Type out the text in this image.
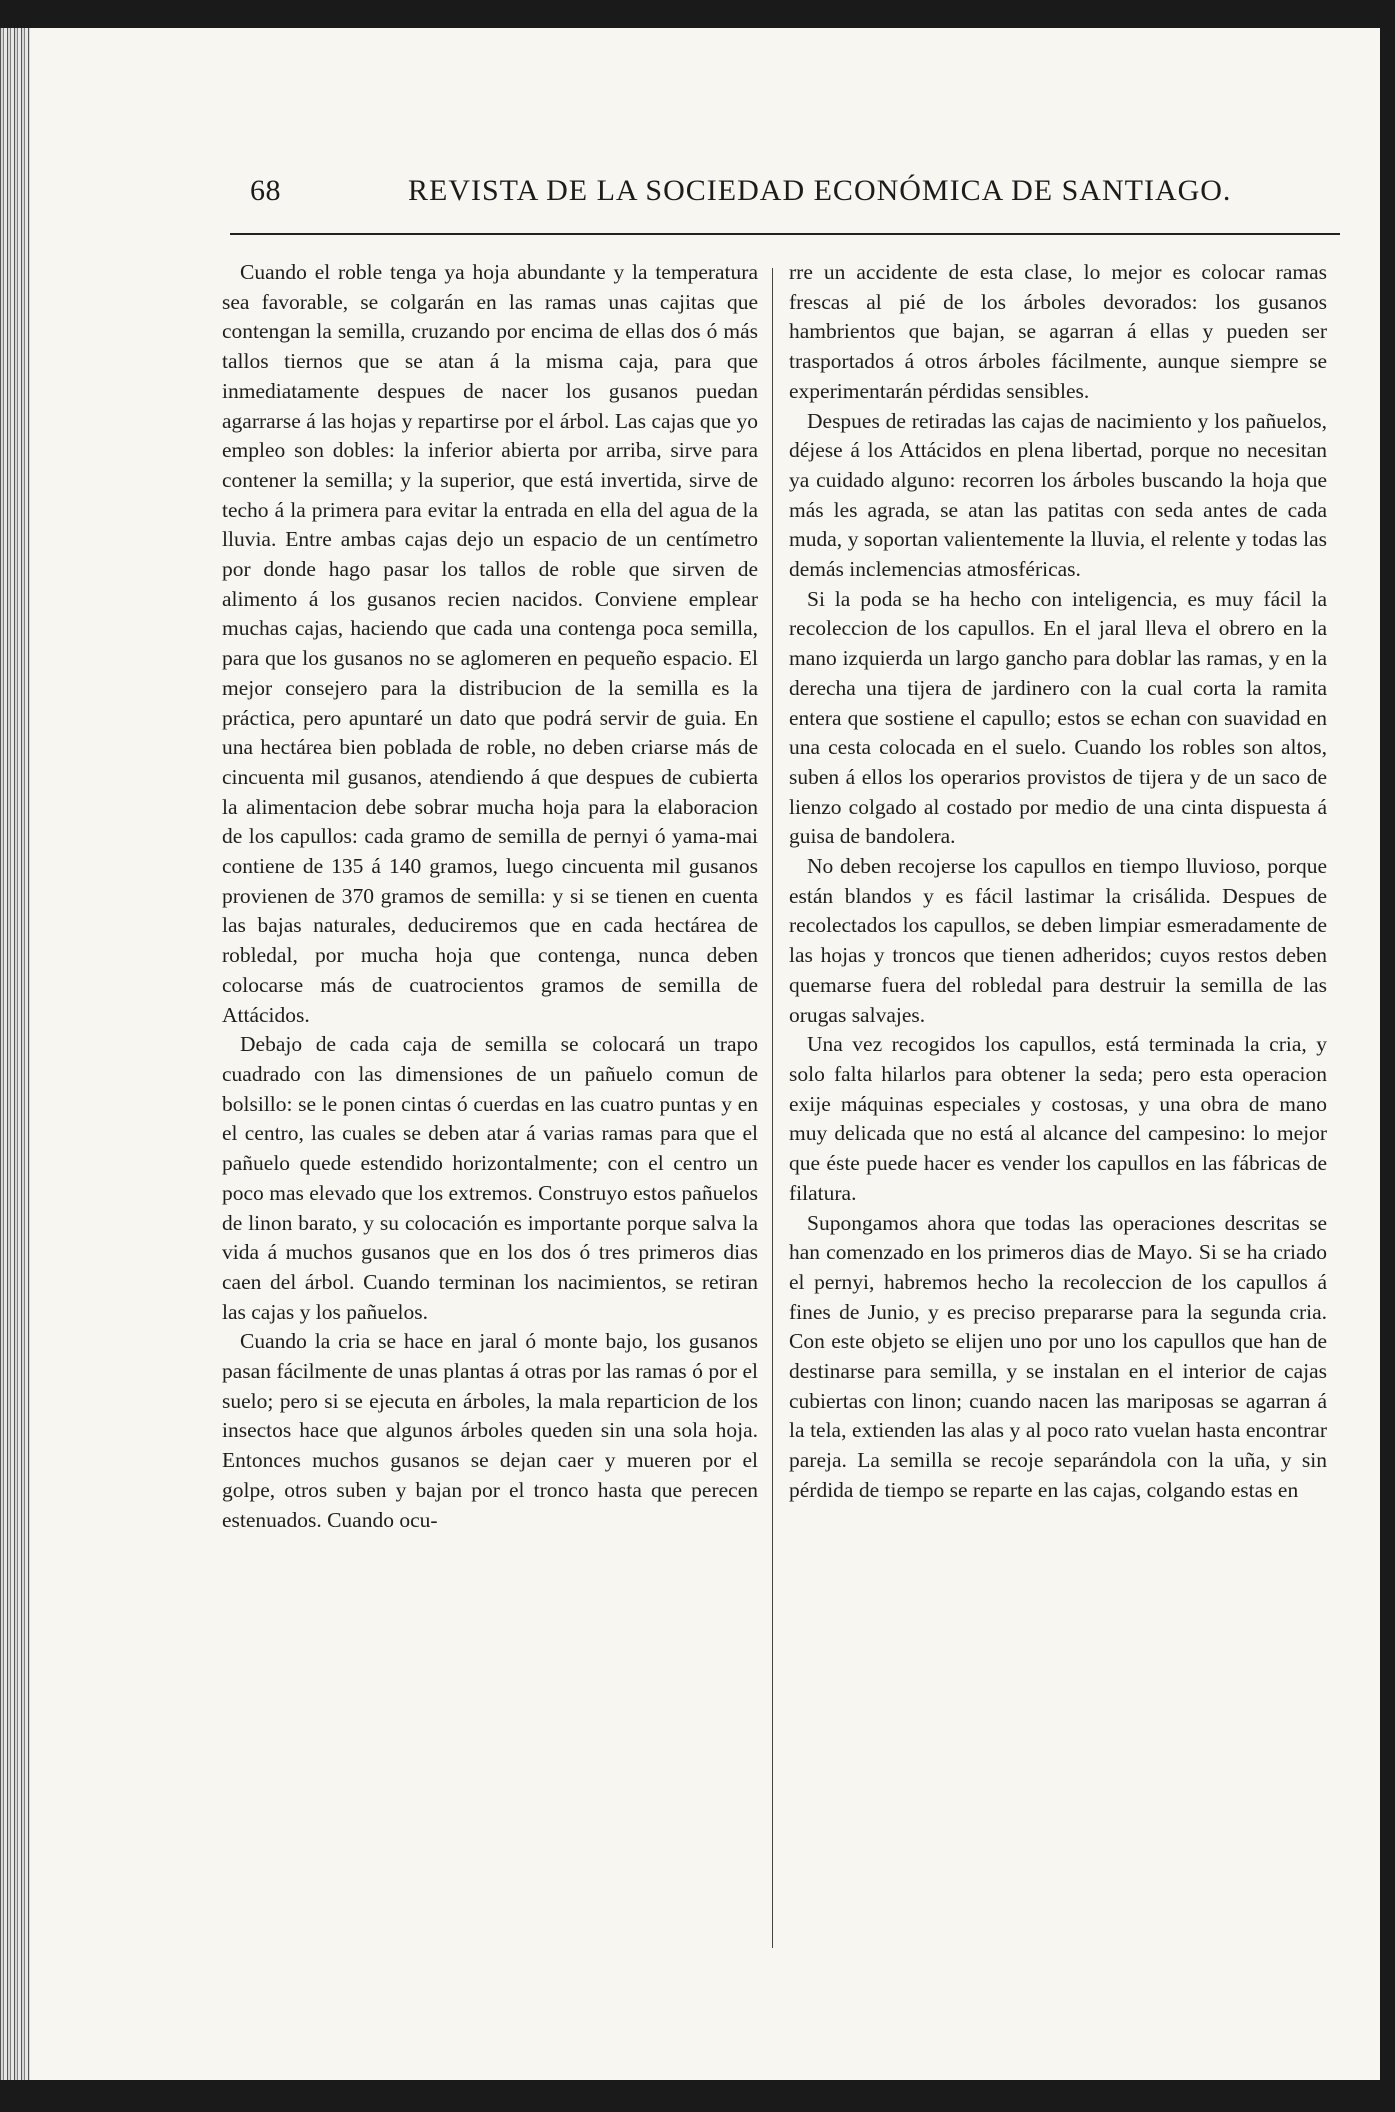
68	REVISTA DE LA SOCIEDAD ECONÓMICA DE SANTIAGO.

Cuando el roble tenga ya hoja abundante y la temperatura sea favorable, se colgarán en las ramas unas cajitas que contengan la semilla, cruzando por encima de ellas dos ó más tallos tiernos que se atan á la misma caja, para que inmediatamente despues de nacer los gusanos puedan agarrarse á las hojas y repartirse por el árbol. Las cajas que yo empleo son dobles: la inferior abierta por arriba, sirve para contener la semilla; y la superior, que está invertida, sirve de techo á la primera para evitar la entrada en ella del agua de la lluvia. Entre ambas cajas dejo un espacio de un centímetro por donde hago pasar los tallos de roble que sirven de alimento á los gusanos recien nacidos. Conviene emplear muchas cajas, haciendo que cada una contenga poca semilla, para que los gusanos no se aglomeren en pequeño espacio. El mejor consejero para la distribucion de la semilla es la práctica, pero apuntaré un dato que podrá servir de guia. En una hectárea bien poblada de roble, no deben criarse más de cincuenta mil gusanos, atendiendo á que despues de cubierta la alimentacion debe sobrar mucha hoja para la elaboracion de los capullos: cada gramo de semilla de pernyi ó yama-mai contiene de 135 á 140 gramos, luego cincuenta mil gusanos provienen de 370 gramos de semilla: y si se tienen en cuenta las bajas naturales, deduciremos que en cada hectárea de robledal, por mucha hoja que contenga, nunca deben colocarse más de cuatrocientos gramos de semilla de Attácidos.

Debajo de cada caja de semilla se colocará un trapo cuadrado con las dimensiones de un pañuelo comun de bolsillo: se le ponen cintas ó cuerdas en las cuatro puntas y en el centro, las cuales se deben atar á varias ramas para que el pañuelo quede estendido horizontalmente; con el centro un poco mas elevado que los extremos. Construyo estos pañuelos de linon barato, y su colocación es importante porque salva la vida á muchos gusanos que en los dos ó tres primeros dias caen del árbol. Cuando terminan los nacimientos, se retiran las cajas y los pañuelos.

Cuando la cria se hace en jaral ó monte bajo, los gusanos pasan fácilmente de unas plantas á otras por las ramas ó por el suelo; pero si se ejecuta en árboles, la mala reparticion de los insectos hace que algunos árboles queden sin una sola hoja. Entonces muchos gusanos se dejan caer y mueren por el golpe, otros suben y bajan por el tronco hasta que perecen estenuados. Cuando ocu-

rre un accidente de esta clase, lo mejor es colocar ramas frescas al pié de los árboles devorados: los gusanos hambrientos que bajan, se agarran á ellas y pueden ser trasportados á otros árboles fácilmente, aunque siempre se experimentarán pérdidas sensibles.

Despues de retiradas las cajas de nacimiento y los pañuelos, déjese á los Attácidos en plena libertad, porque no necesitan ya cuidado alguno: recorren los árboles buscando la hoja que más les agrada, se atan las patitas con seda antes de cada muda, y soportan valientemente la lluvia, el relente y todas las demás inclemencias atmosféricas.

Si la poda se ha hecho con inteligencia, es muy fácil la recoleccion de los capullos. En el jaral lleva el obrero en la mano izquierda un largo gancho para doblar las ramas, y en la derecha una tijera de jardinero con la cual corta la ramita entera que sostiene el capullo; estos se echan con suavidad en una cesta colocada en el suelo. Cuando los robles son altos, suben á ellos los operarios provistos de tijera y de un saco de lienzo colgado al costado por medio de una cinta dispuesta á guisa de bandolera.

No deben recojerse los capullos en tiempo lluvioso, porque están blandos y es fácil lastimar la crisálida. Despues de recolectados los capullos, se deben limpiar esmeradamente de las hojas y troncos que tienen adheridos; cuyos restos deben quemarse fuera del robledal para destruir la semilla de las orugas salvajes.

Una vez recogidos los capullos, está terminada la cria, y solo falta hilarlos para obtener la seda; pero esta operacion exije máquinas especiales y costosas, y una obra de mano muy delicada que no está al alcance del campesino: lo mejor que éste puede hacer es vender los capullos en las fábricas de filatura.

Supongamos ahora que todas las operaciones descritas se han comenzado en los primeros dias de Mayo. Si se ha criado el pernyi, habremos hecho la recoleccion de los capullos á fines de Junio, y es preciso prepararse para la segunda cria. Con este objeto se elijen uno por uno los capullos que han de destinarse para semilla, y se instalan en el interior de cajas cubiertas con linon; cuando nacen las mariposas se agarran á la tela, extienden las alas y al poco rato vuelan hasta encontrar pareja. La semilla se recoje separándola con la uña, y sin pérdida de tiempo se reparte en las cajas, colgando estas en
